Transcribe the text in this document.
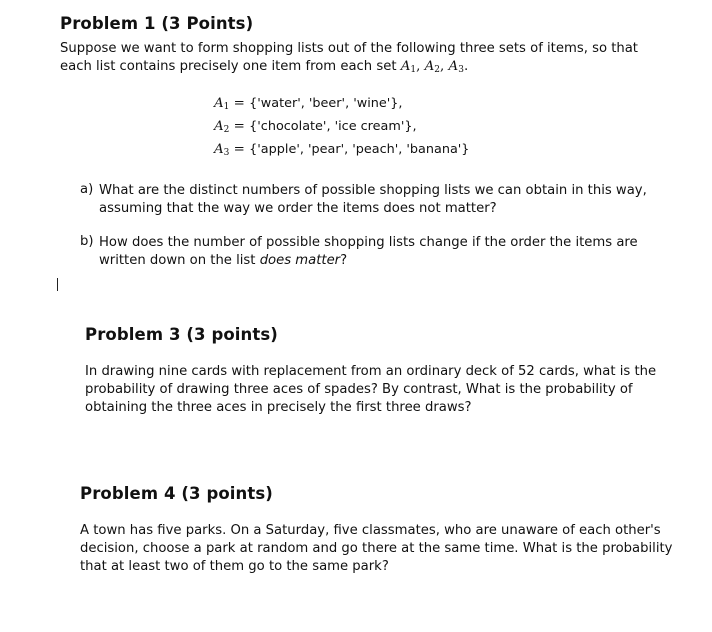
Problem 1 (3 Points)
Suppose we want to form shopping lists out of the following three sets of items, so that
each list contains precisely one item from each set $A_1$, $A_2$, $A_3$.
$A_1$ = {'water', 'beer', 'wine'},
$A_2$ = {'chocolate', 'ice cream'},
$A_3$ = {'apple', 'pear', 'peach', 'banana'}
a) What are the distinct numbers of possible shopping lists we can obtain in this way,
assuming that the way we order the items does not matter?
b) How does the number of possible shopping lists change if the order the items are
written down on the list does matter?
Problem 3 (3 points)
In drawing nine cards with replacement from an ordinary deck of 52 cards, what is the
probability of drawing three aces of spades? By contrast, What is the probability of
obtaining the three aces in precisely the first three draws?
Problem 4 (3 points)
A town has five parks. On a Saturday, five classmates, who are unaware of each other's
decision, choose a park at random and go there at the same time. What is the probability
that at least two of them go to the same park?
